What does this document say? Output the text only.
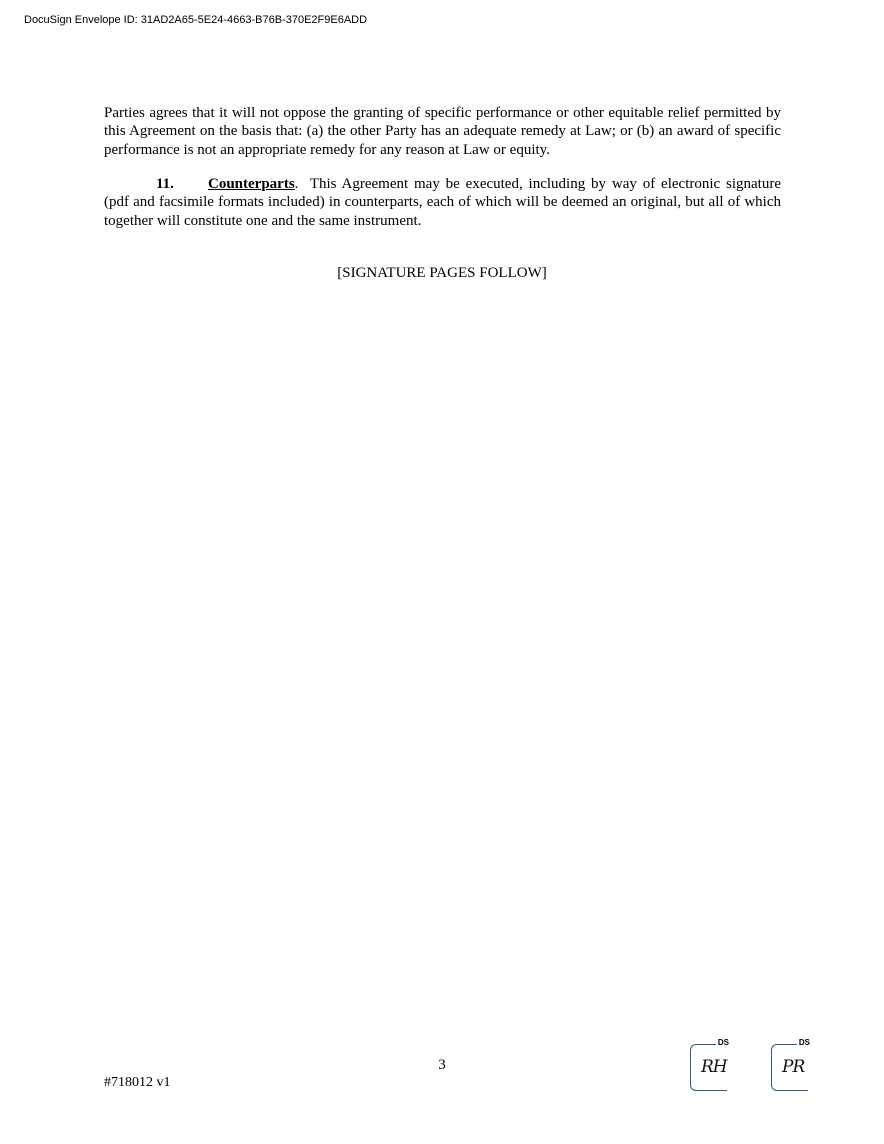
DocuSign Envelope ID: 31AD2A65-5E24-4663-B76B-370E2F9E6ADD

Parties agrees that it will not oppose the granting of specific performance or other equitable relief permitted by this Agreement on the basis that: (a) the other Party has an adequate remedy at Law; or (b) an award of specific performance is not an appropriate remedy for any reason at Law or equity.

11. Counterparts. This Agreement may be executed, including by way of electronic signature (pdf and facsimile formats included) in counterparts, each of which will be deemed an original, but all of which together will constitute one and the same instrument.

[SIGNATURE PAGES FOLLOW]
3
#718012 v1
DS
RH
DS
PR
